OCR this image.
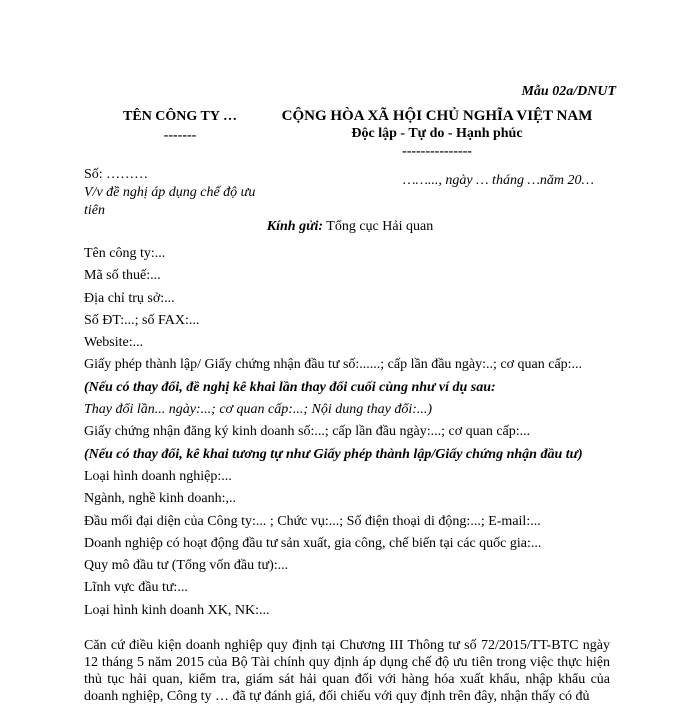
Mẫu 02a/DNUT
TÊN CÔNG TY …
-------
CỘNG HÒA XÃ HỘI CHỦ NGHĨA VIỆT NAM
Độc lập - Tự do - Hạnh phúc
---------------
Số: ………
V/v đề nghị áp dụng chế độ ưu tiên
……..., ngày … tháng …năm 20…
Kính gửi: Tổng cục Hải quan
Tên công ty:...
Mã số thuế:...
Địa chỉ trụ sở:...
Số ĐT:...; số FAX:...
Website:...
Giấy phép thành lập/ Giấy chứng nhận đầu tư số:......; cấp lần đầu ngày:..; cơ quan cấp:...
(Nếu có thay đổi, đề nghị kê khai lần thay đổi cuối cùng như ví dụ sau:
Thay đổi lần... ngày:...; cơ quan cấp:...; Nội dung thay đổi:...)
Giấy chứng nhận đăng ký kinh doanh số:...; cấp lần đầu ngày:...; cơ quan cấp:...
(Nếu có thay đổi, kê khai tương tự như Giấy phép thành lập/Giấy chứng nhận đầu tư)
Loại hình doanh nghiệp:...
Ngành, nghề kinh doanh:,..
Đầu mối đại diện của Công ty:... ; Chức vụ:...; Số điện thoại di động:...; E-mail:...
Doanh nghiệp có hoạt động đầu tư sản xuất, gia công, chế biến tại các quốc gia:...
Quy mô đầu tư (Tổng vốn đầu tư):...
Lĩnh vực đầu tư:...
Loại hình kinh doanh XK, NK:...
Căn cứ điều kiện doanh nghiệp quy định tại Chương III Thông tư số 72/2015/TT-BTC ngày 12 tháng 5 năm 2015 của Bộ Tài chính quy định áp dụng chế độ ưu tiên trong việc thực hiện thủ tục hải quan, kiểm tra, giám sát hải quan đối với hàng hóa xuất khẩu, nhập khẩu của doanh nghiệp, Công ty … đã tự đánh giá, đối chiếu với quy định trên đây, nhận thấy có đủ
